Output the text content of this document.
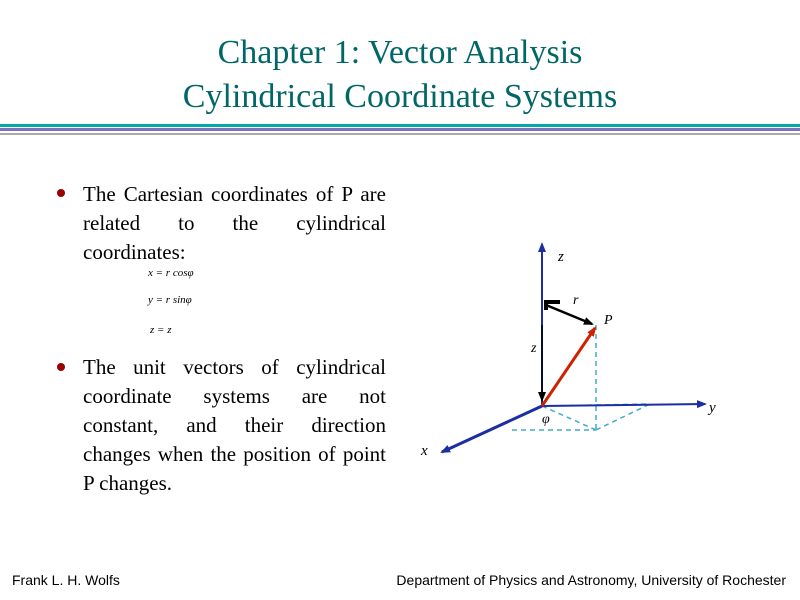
Chapter 1: Vector Analysis
Cylindrical Coordinate Systems
The Cartesian coordinates of P are related to the cylindrical coordinates:
x = r cosφ
y = r sinφ
z = z
The unit vectors of cylindrical coordinate systems are not constant, and their direction changes when the position of point P changes.
z
y
x
r
P
z
φ
Frank L. H. Wolfs	Department of Physics and Astronomy, University of Rochester
